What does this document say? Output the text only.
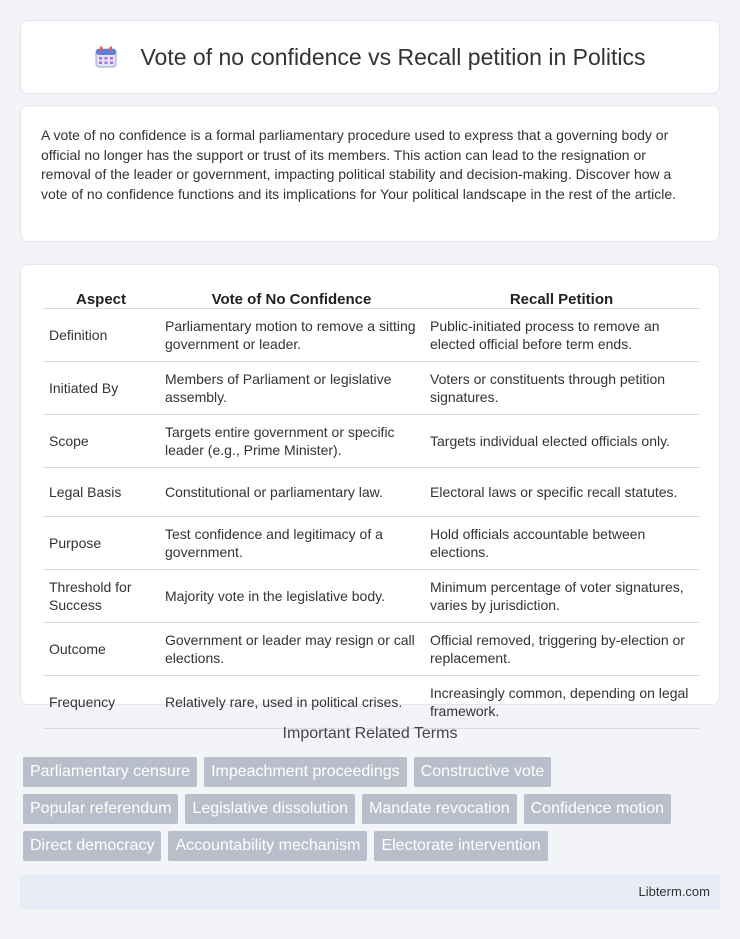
Vote of no confidence vs Recall petition in Politics

A vote of no confidence is a formal parliamentary procedure used to express that a governing body or official no longer has the support or trust of its members. This action can lead to the resignation or removal of the leader or government, impacting political stability and decision-making. Discover how a vote of no confidence functions and its implications for Your political landscape in the rest of the article.

Aspect	Vote of No Confidence	Recall Petition
Definition	Parliamentary motion to remove a sitting government or leader.	Public-initiated process to remove an elected official before term ends.
Initiated By	Members of Parliament or legislative assembly.	Voters or constituents through petition signatures.
Scope	Targets entire government or specific leader (e.g., Prime Minister).	Targets individual elected officials only.
Legal Basis	Constitutional or parliamentary law.	Electoral laws or specific recall statutes.
Purpose	Test confidence and legitimacy of a government.	Hold officials accountable between elections.
Threshold for Success	Majority vote in the legislative body.	Minimum percentage of voter signatures, varies by jurisdiction.
Outcome	Government or leader may resign or call elections.	Official removed, triggering by-election or replacement.
Frequency	Relatively rare, used in political crises.	Increasingly common, depending on legal framework.
Important Related Terms
Parliamentary censure	Impeachment proceedings	Constructive vote
Popular referendum	Legislative dissolution	Mandate revocation	Confidence motion
Direct democracy	Accountability mechanism	Electorate intervention
Libterm.com
